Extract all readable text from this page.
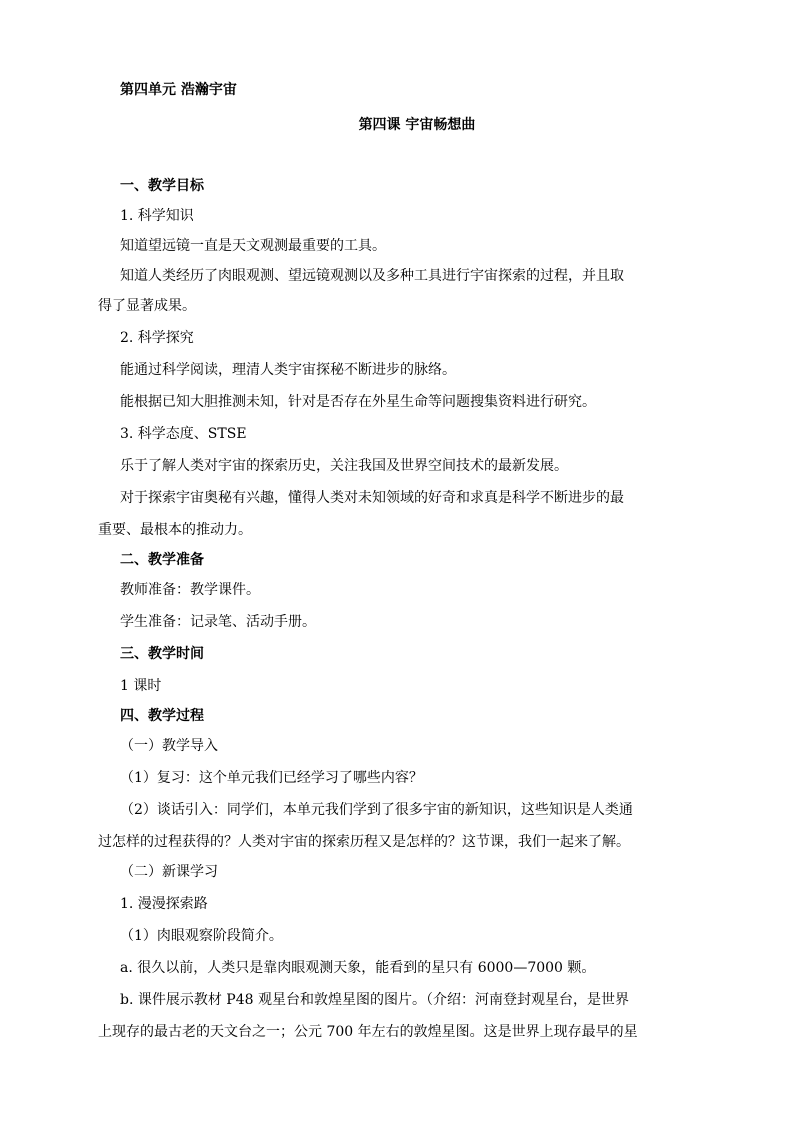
第四单元 浩瀚宇宙
第四课 宇宙畅想曲
一、教学目标
1. 科学知识
知道望远镜一直是天文观测最重要的工具。
知道人类经历了肉眼观测、望远镜观测以及多种工具进行宇宙探索的过程，并且取
得了显著成果。
2. 科学探究
能通过科学阅读，理清人类宇宙探秘不断进步的脉络。
能根据已知大胆推测未知，针对是否存在外星生命等问题搜集资料进行研究。
3. 科学态度、STSE
乐于了解人类对宇宙的探索历史，关注我国及世界空间技术的最新发展。
对于探索宇宙奥秘有兴趣，懂得人类对未知领域的好奇和求真是科学不断进步的最
重要、最根本的推动力。
二、教学准备
教师准备：教学课件。
学生准备：记录笔、活动手册。
三、教学时间
1 课时
四、教学过程
（一）教学导入
（1）复习：这个单元我们已经学习了哪些内容？
（2）谈话引入：同学们，本单元我们学到了很多宇宙的新知识，这些知识是人类通
过怎样的过程获得的？人类对宇宙的探索历程又是怎样的？这节课，我们一起来了解。
（二）新课学习
1. 漫漫探索路
（1）肉眼观察阶段简介。
a. 很久以前，人类只是靠肉眼观测天象，能看到的星只有 6000—7000 颗。
b. 课件展示教材 P48 观星台和敦煌星图的图片。（介绍：河南登封观星台，是世界
上现存的最古老的天文台之一；公元 700 年左右的敦煌星图。这是世界上现存最早的星
